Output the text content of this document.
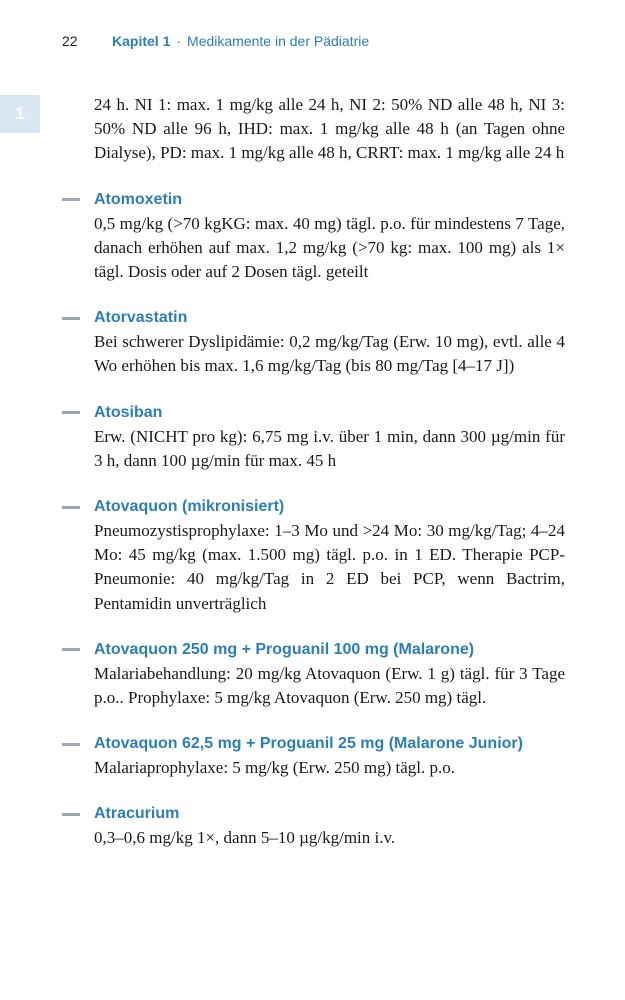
22 Kapitel 1 · Medikamente in der Pädiatrie
1	24 h. NI 1: max. 1 mg/kg alle 24 h, NI 2: 50% ND alle 48 h, NI 3: 50% ND alle 96 h, IHD: max. 1 mg/kg alle 48 h (an Tagen ohne Dialyse), PD: max. 1 mg/kg alle 48 h, CRRT: max. 1 mg/kg alle 24 h
Atomoxetin
0,5 mg/kg (>70 kgKG: max. 40 mg) tägl. p.o. für mindestens 7 Tage, danach erhöhen auf max. 1,2 mg/kg (>70 kg: max. 100 mg) als 1× tägl. Dosis oder auf 2 Dosen tägl. geteilt
Atorvastatin
Bei schwerer Dyslipidämie: 0,2 mg/kg/Tag (Erw. 10 mg), evtl. alle 4 Wo erhöhen bis max. 1,6 mg/kg/Tag (bis 80 mg/Tag [4–17 J])
Atosiban
Erw. (NICHT pro kg): 6,75 mg i.v. über 1 min, dann 300 µg/min für 3 h, dann 100 µg/min für max. 45 h
Atovaquon (mikronisiert)
Pneumozystisprophylaxe: 1–3 Mo und >24 Mo: 30 mg/kg/Tag; 4–24 Mo: 45 mg/kg (max. 1.500 mg) tägl. p.o. in 1 ED. Therapie PCP-Pneumonie: 40 mg/kg/Tag in 2 ED bei PCP, wenn Bactrim, Pentamidin unverträglich
Atovaquon 250 mg + Proguanil 100 mg (Malarone)
Malariabehandlung: 20 mg/kg Atovaquon (Erw. 1 g) tägl. für 3 Tage p.o.. Prophylaxe: 5 mg/kg Atovaquon (Erw. 250 mg) tägl.
Atovaquon 62,5 mg + Proguanil 25 mg (Malarone Junior)
Malariaprophylaxe: 5 mg/kg (Erw. 250 mg) tägl. p.o.
Atracurium
0,3–0,6 mg/kg 1×, dann 5–10 µg/kg/min i.v.
